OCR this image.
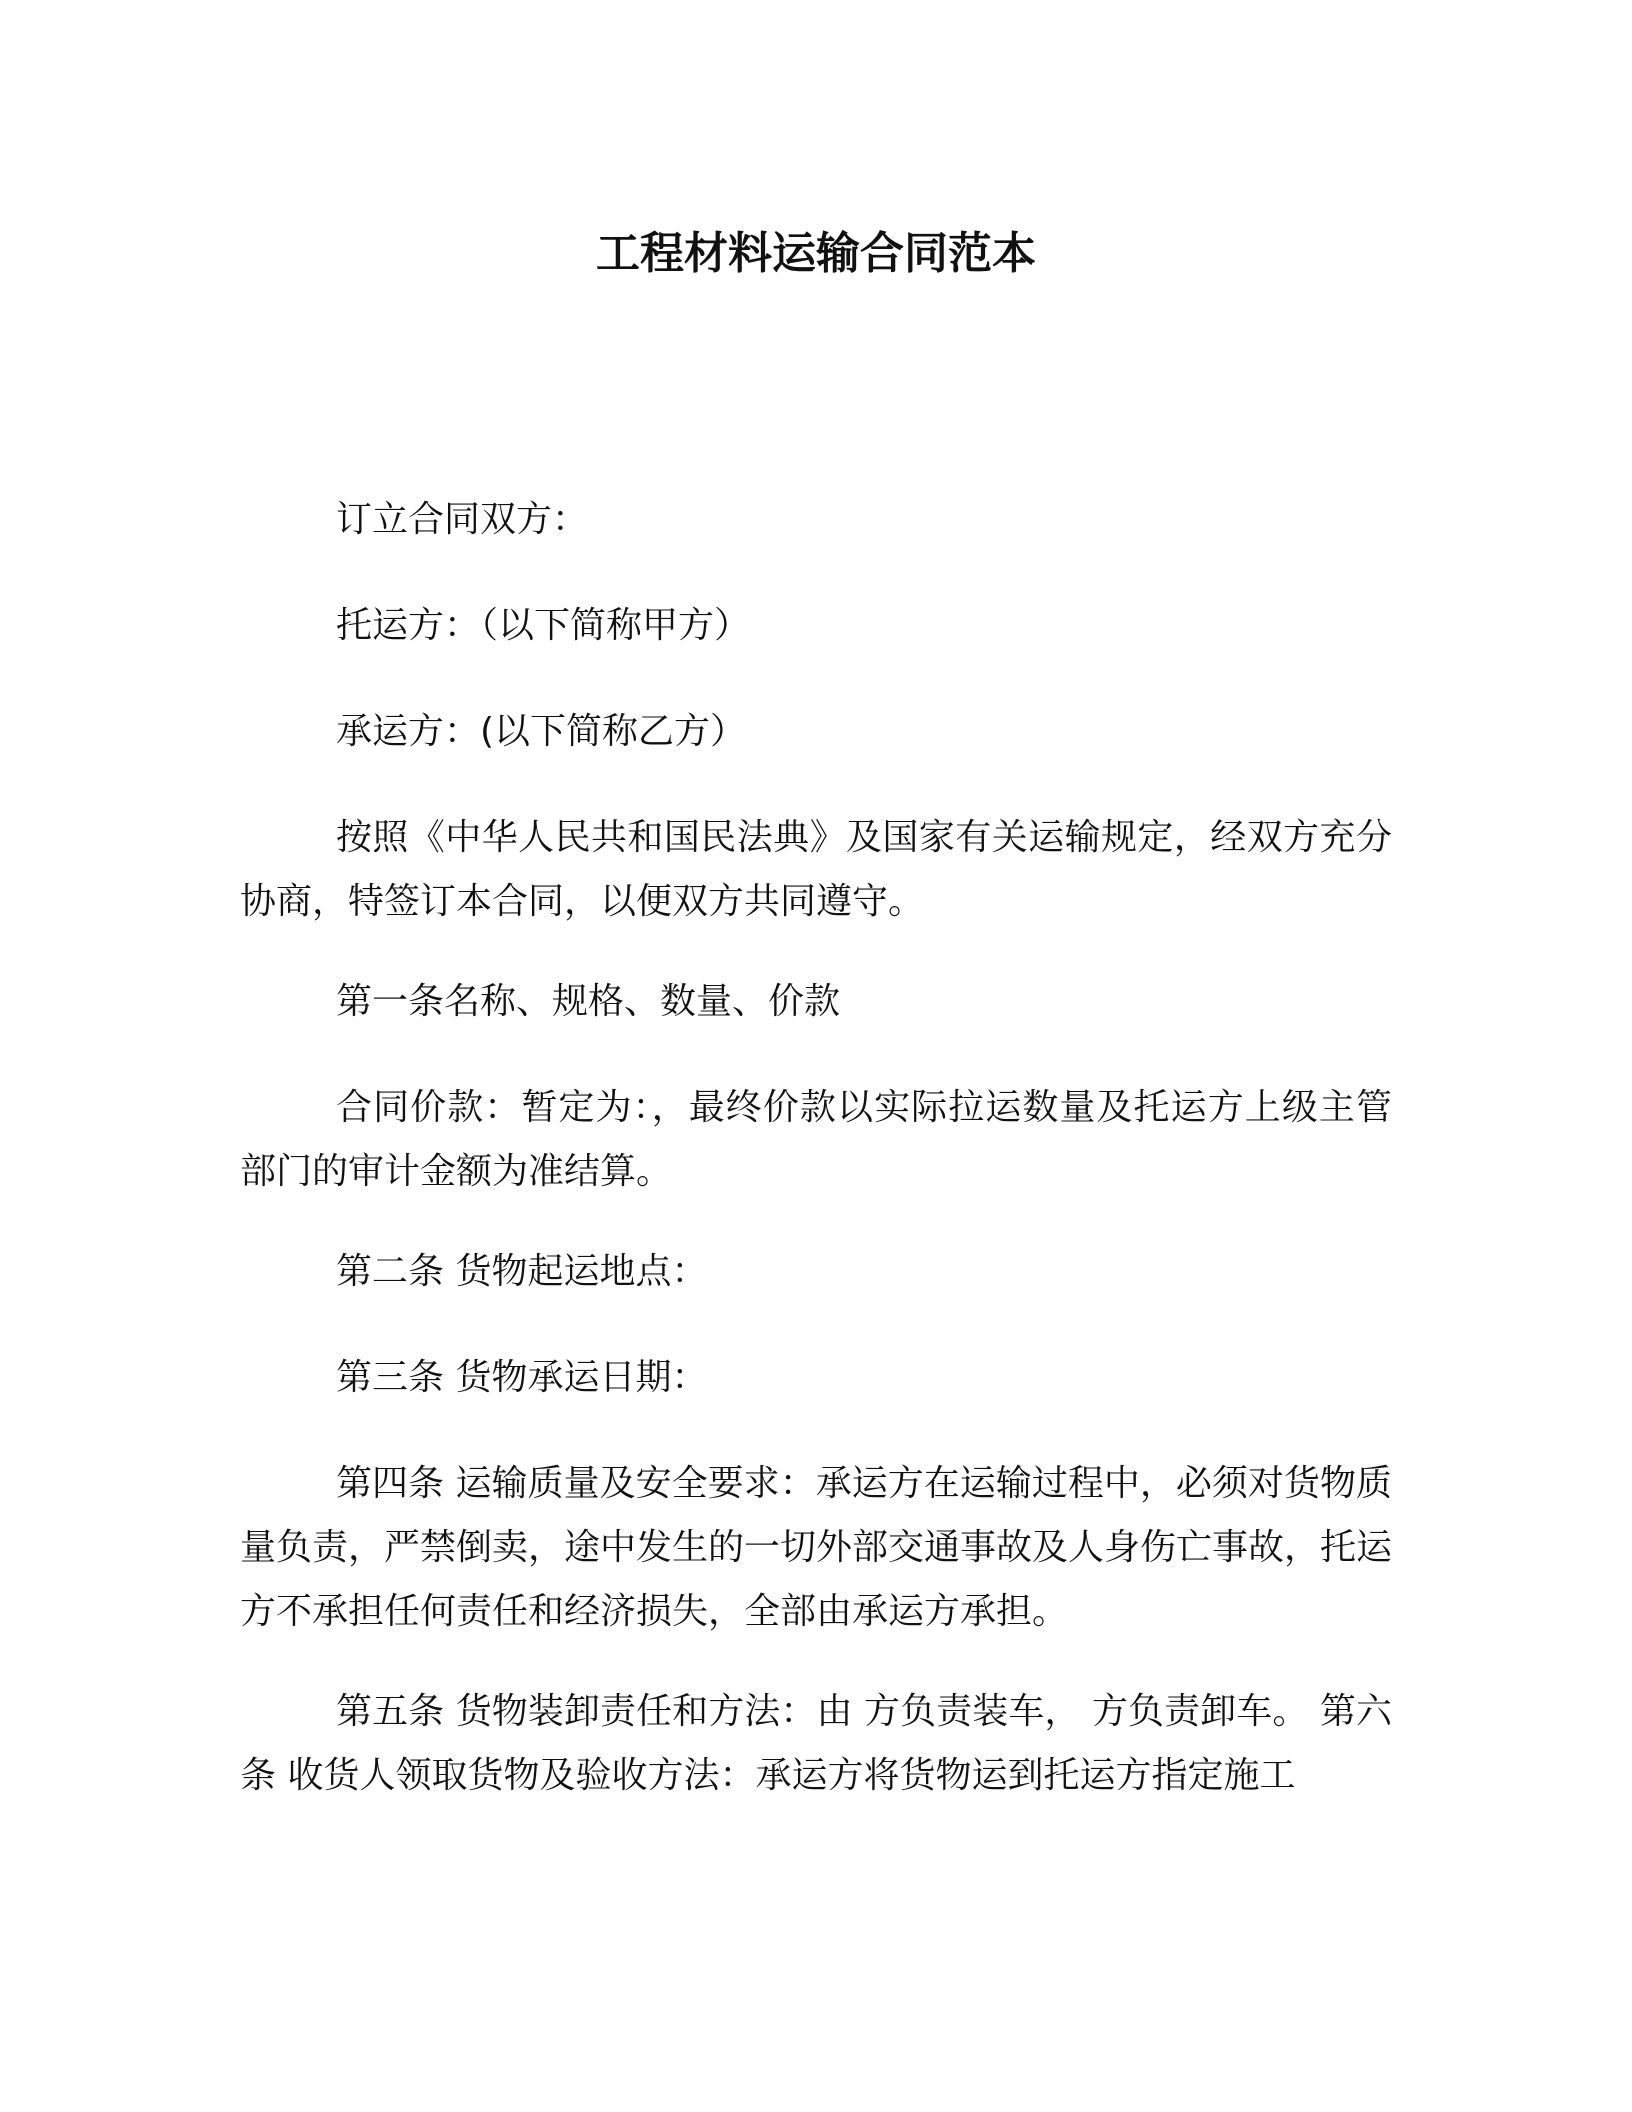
工程材料运输合同范本

订立合同双方：

托运方：（以下简称甲方）

承运方：(以下简称乙方）

按照《中华人民共和国民法典》及国家有关运输规定，经双方充分协商，特签订本合同，以便双方共同遵守。

第一条名称、规格、数量、价款

合同价款：暂定为：，最终价款以实际拉运数量及托运方上级主管部门的审计金额为准结算。

第二条 货物起运地点：

第三条 货物承运日期：

第四条 运输质量及安全要求：承运方在运输过程中，必须对货物质量负责，严禁倒卖，途中发生的一切外部交通事故及人身伤亡事故，托运方不承担任何责任和经济损失，全部由承运方承担。

第五条 货物装卸责任和方法：由 方负责装车， 方负责卸车。 第六条 收货人领取货物及验收方法：承运方将货物运到托运方指定施工
